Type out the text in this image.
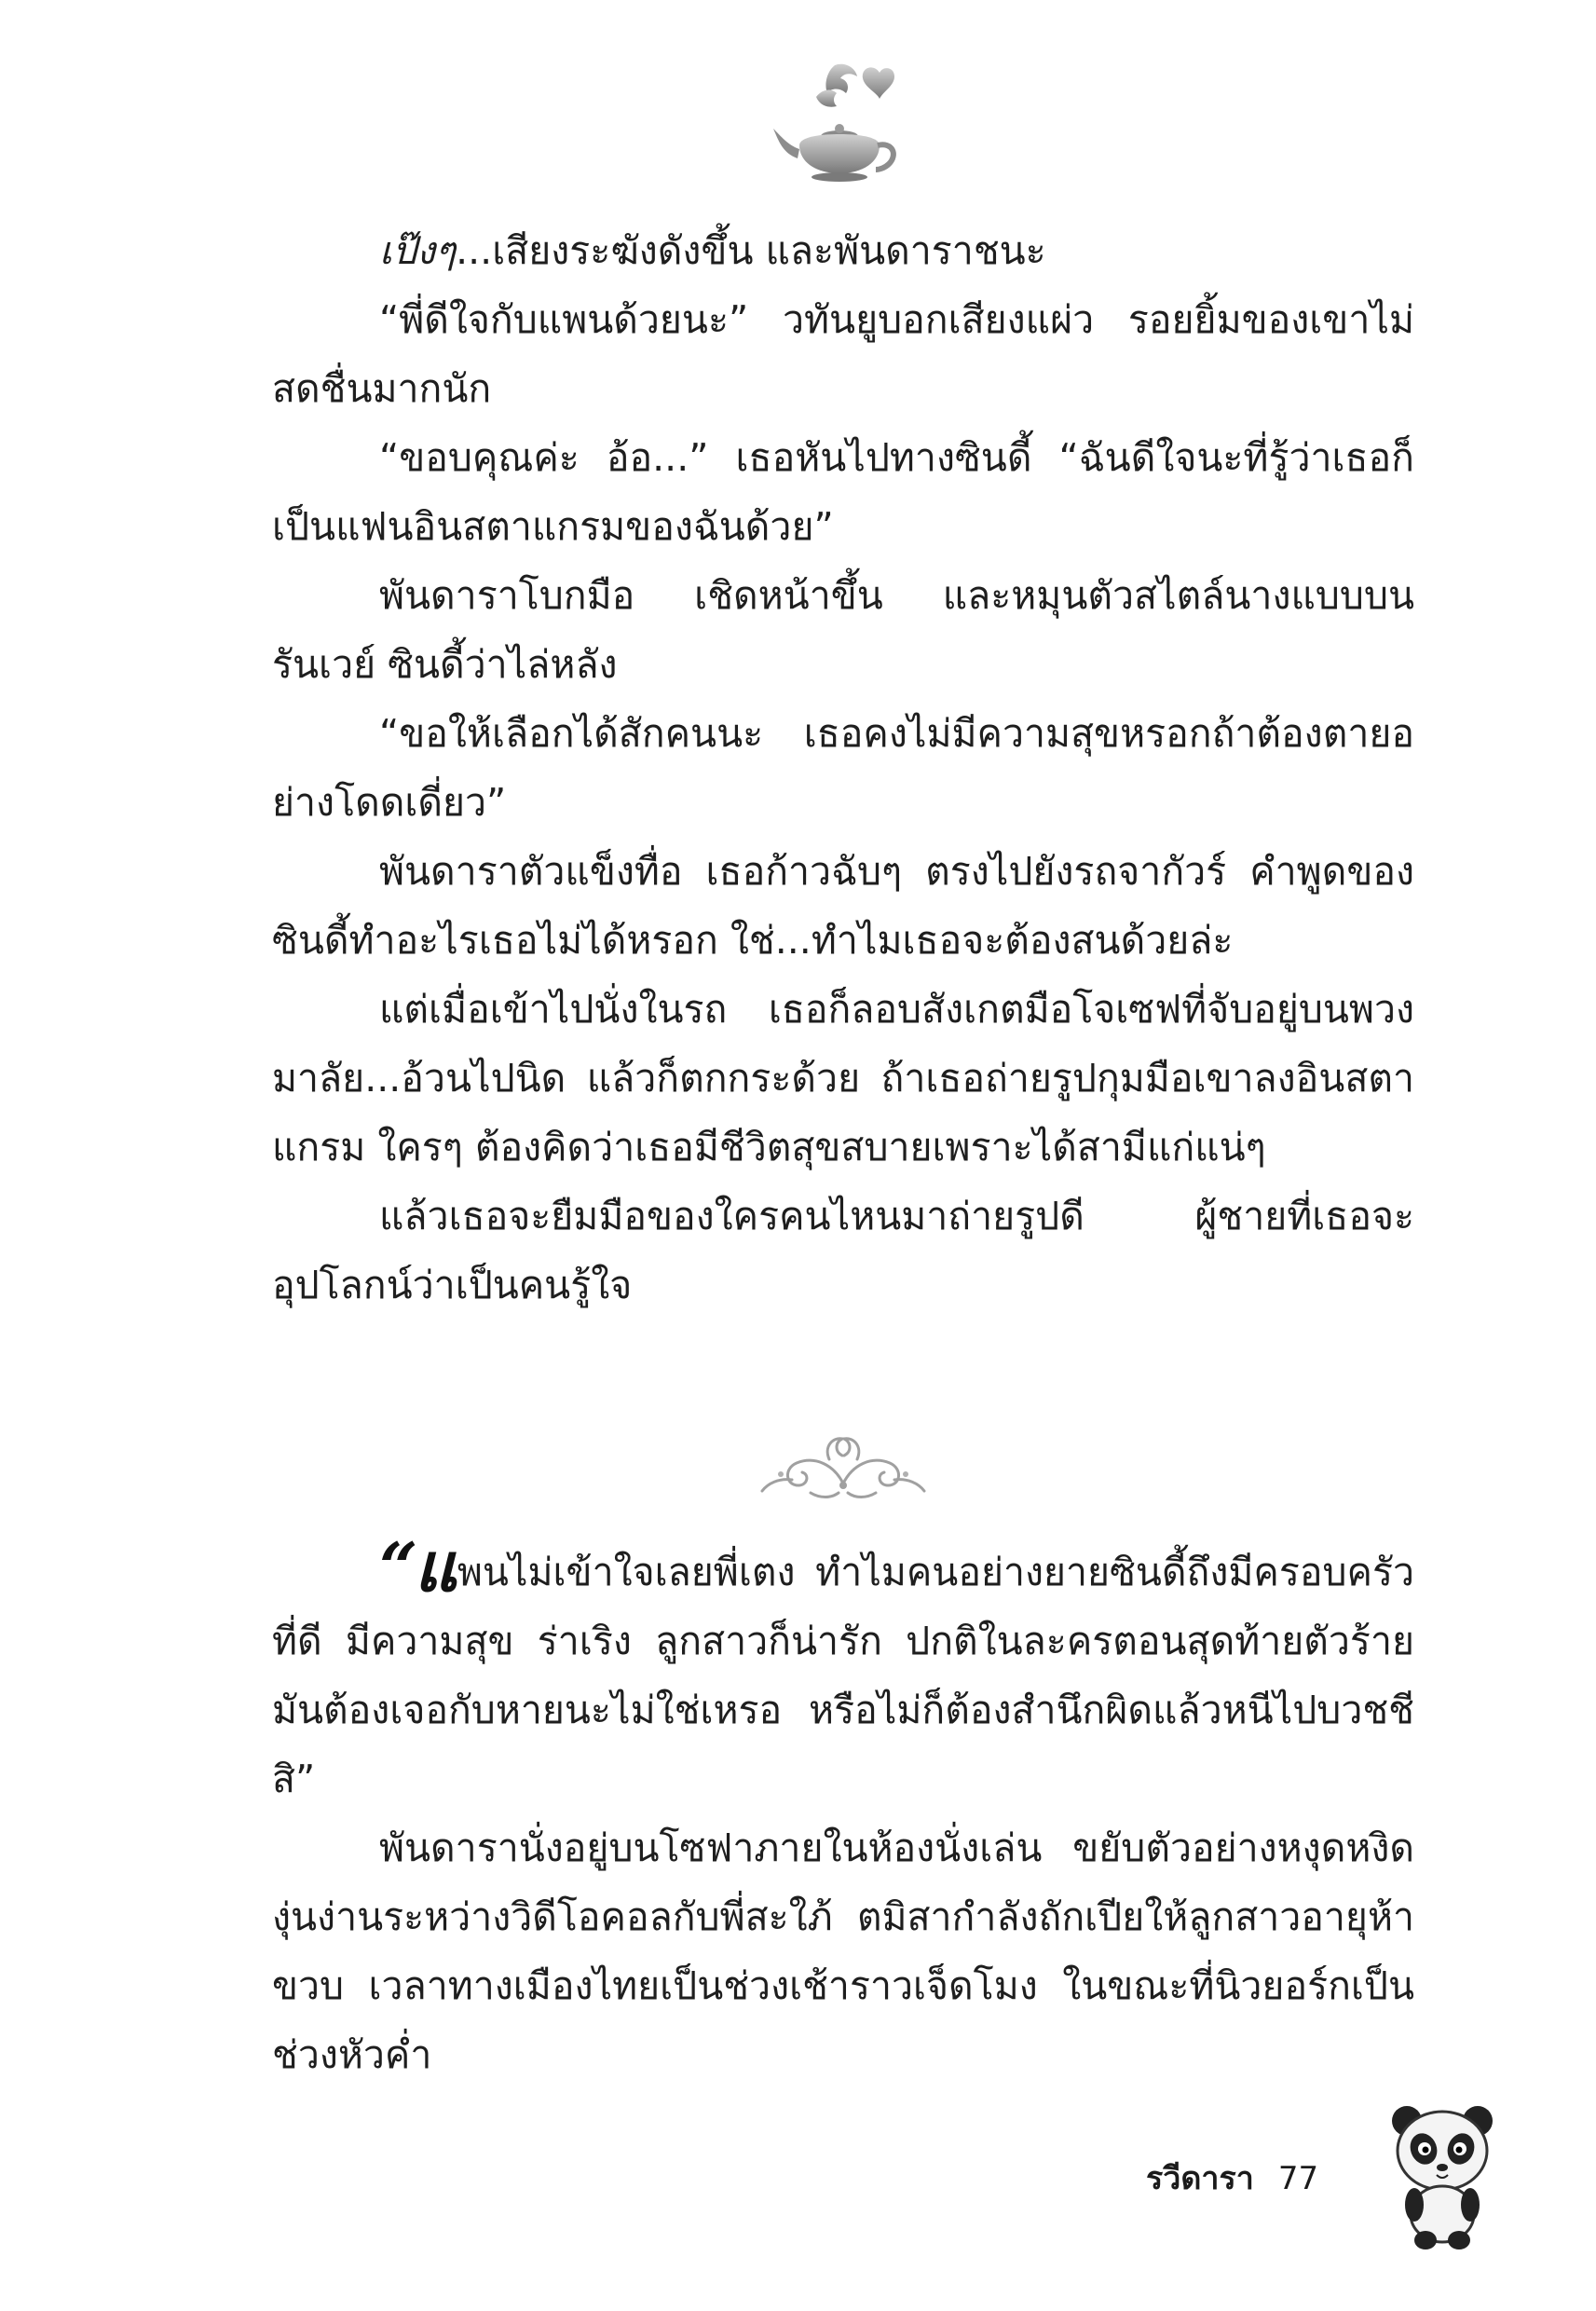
เป๊งๆ...เสียงระฆังดังขึ้น และพันดาราชนะ

“พี่ดีใจกับแพนด้วยนะ” วทันยูบอกเสียงแผ่ว รอยยิ้มของเขาไม่สดชื่นมากนัก

“ขอบคุณค่ะ อ้อ...” เธอหันไปทางซินดี้ “ฉันดีใจนะที่รู้ว่าเธอก็เป็นแฟนอินสตาแกรมของฉันด้วย”

พันดาราโบกมือ เชิดหน้าขึ้น และหมุนตัวสไตล์นางแบบบนรันเวย์ ซินดี้ว่าไล่หลัง

“ขอให้เลือกได้สักคนนะ เธอคงไม่มีความสุขหรอกถ้าต้องตายอย่างโดดเดี่ยว”

พันดาราตัวแข็งทื่อ เธอก้าวฉับๆ ตรงไปยังรถจากัวร์ คำพูดของซินดี้ทำอะไรเธอไม่ได้หรอก ใช่...ทำไมเธอจะต้องสนด้วยล่ะ

แต่เมื่อเข้าไปนั่งในรถ เธอก็ลอบสังเกตมือโจเซฟที่จับอยู่บนพวงมาลัย...อ้วนไปนิด แล้วก็ตกกระด้วย ถ้าเธอถ่ายรูปกุมมือเขาลงอินสตาแกรม ใครๆ ต้องคิดว่าเธอมีชีวิตสุขสบายเพราะได้สามีแก่แน่ๆ

แล้วเธอจะยืมมือของใครคนไหนมาถ่ายรูปดี ผู้ชายที่เธอจะอุปโลกน์ว่าเป็นคนรู้ใจ

“แพนไม่เข้าใจเลยพี่เตง ทำไมคนอย่างยายซินดี้ถึงมีครอบครัวที่ดี มีความสุข ร่าเริง ลูกสาวก็น่ารัก ปกติในละครตอนสุดท้ายตัวร้ายมันต้องเจอกับหายนะไม่ใช่เหรอ หรือไม่ก็ต้องสำนึกผิดแล้วหนีไปบวชชีสิ”

พันดารานั่งอยู่บนโซฟาภายในห้องนั่งเล่น ขยับตัวอย่างหงุดหงิดงุ่นง่านระหว่างวิดีโอคอลกับพี่สะใภ้ ตมิสากำลังถักเปียให้ลูกสาวอายุห้าขวบ เวลาทางเมืองไทยเป็นช่วงเช้าราวเจ็ดโมง ในขณะที่นิวยอร์กเป็นช่วงหัวค่ำ

รวีดารา 77
